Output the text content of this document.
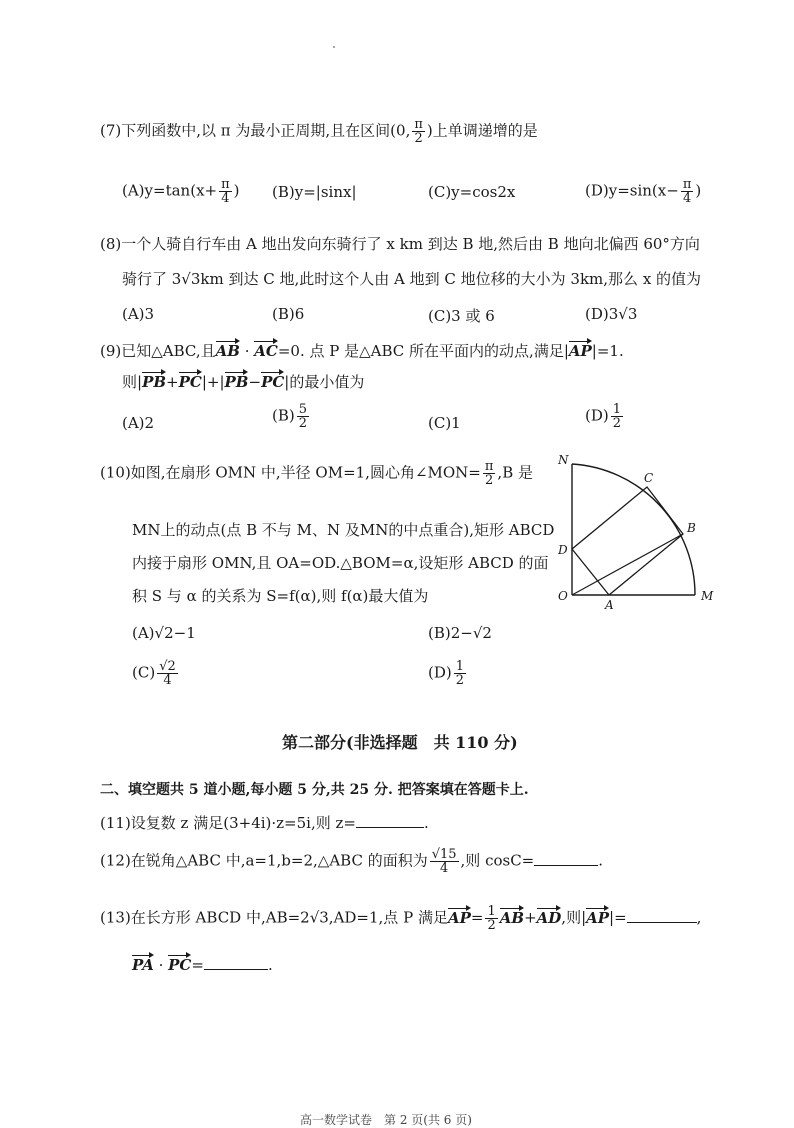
(7)下列函数中,以 π 为最小正周期,且在区间(0, $\frac{\pi}{2}$ )上单调递增的是
$(A)y=\tan(x+ \frac{\pi}{4}$ ) (B)y=|sinx|	(C)y=cos2x	$(D)y=\sin(x- \frac{\pi}{4}$ )
(8)一个人骑自行车由 A 地出发向东骑行了 x km 到达 B 地,然后由 B 地向北偏西 60°方向
骑行了 3√3km 到达 C 地,此时这个人由 A 地到 C 地位移的大小为 3km,那么 x 的值为
(A)3	(B)6	(C)3 或 6	(D)3√3
(9)已知△ABC,且AB · AC=0. 点 P 是△ABC 所在平面内的动点,满足|AP|=1.
则|PB+PC|+|PB−PC|的最小值为
(A)2	$(B) \frac{5}{2}$	(C)1	$(D) \frac{1}{2}$
(10)如图,在扇形 OMN 中,半径 OM=1,圆心角∠MON= $\frac{\pi}{2} ,B$ 是
MN上的动点(点 B 不与 M、N 及MN的中点重合),矩形 ABCD
内接于扇形 OMN,且 OA=OD.△BOM=α,设矩形 ABCD 的面
积 S 与 α 的关系为 S=f(α),则 f(α)最大值为
(A)√2−1	(B)2−√2
$(C) \frac{√2}{4}$	$(D) \frac{1}{2}$
N
C
B
D
O
A
M
第二部分(非选择题　共 110 分)
二、填空题共 5 道小题,每小题 5 分,共 25 分. 把答案填在答题卡上.
(11)设复数 z 满足(3+4i)·z=5i,则 z=	.
(12)在锐角△ABC 中,a=1,b=2,△ABC 的面积为 $\frac{√15}{4}$ ,则 cosC=	.
(13)在长方形 ABCD 中,AB=2√3,AD=1,点 P 满足$AP= \frac{1}{2} AB+AD$,则|AP|=	,
PA · PC=	.
高一数学试卷　第 2 页(共 6 页)
